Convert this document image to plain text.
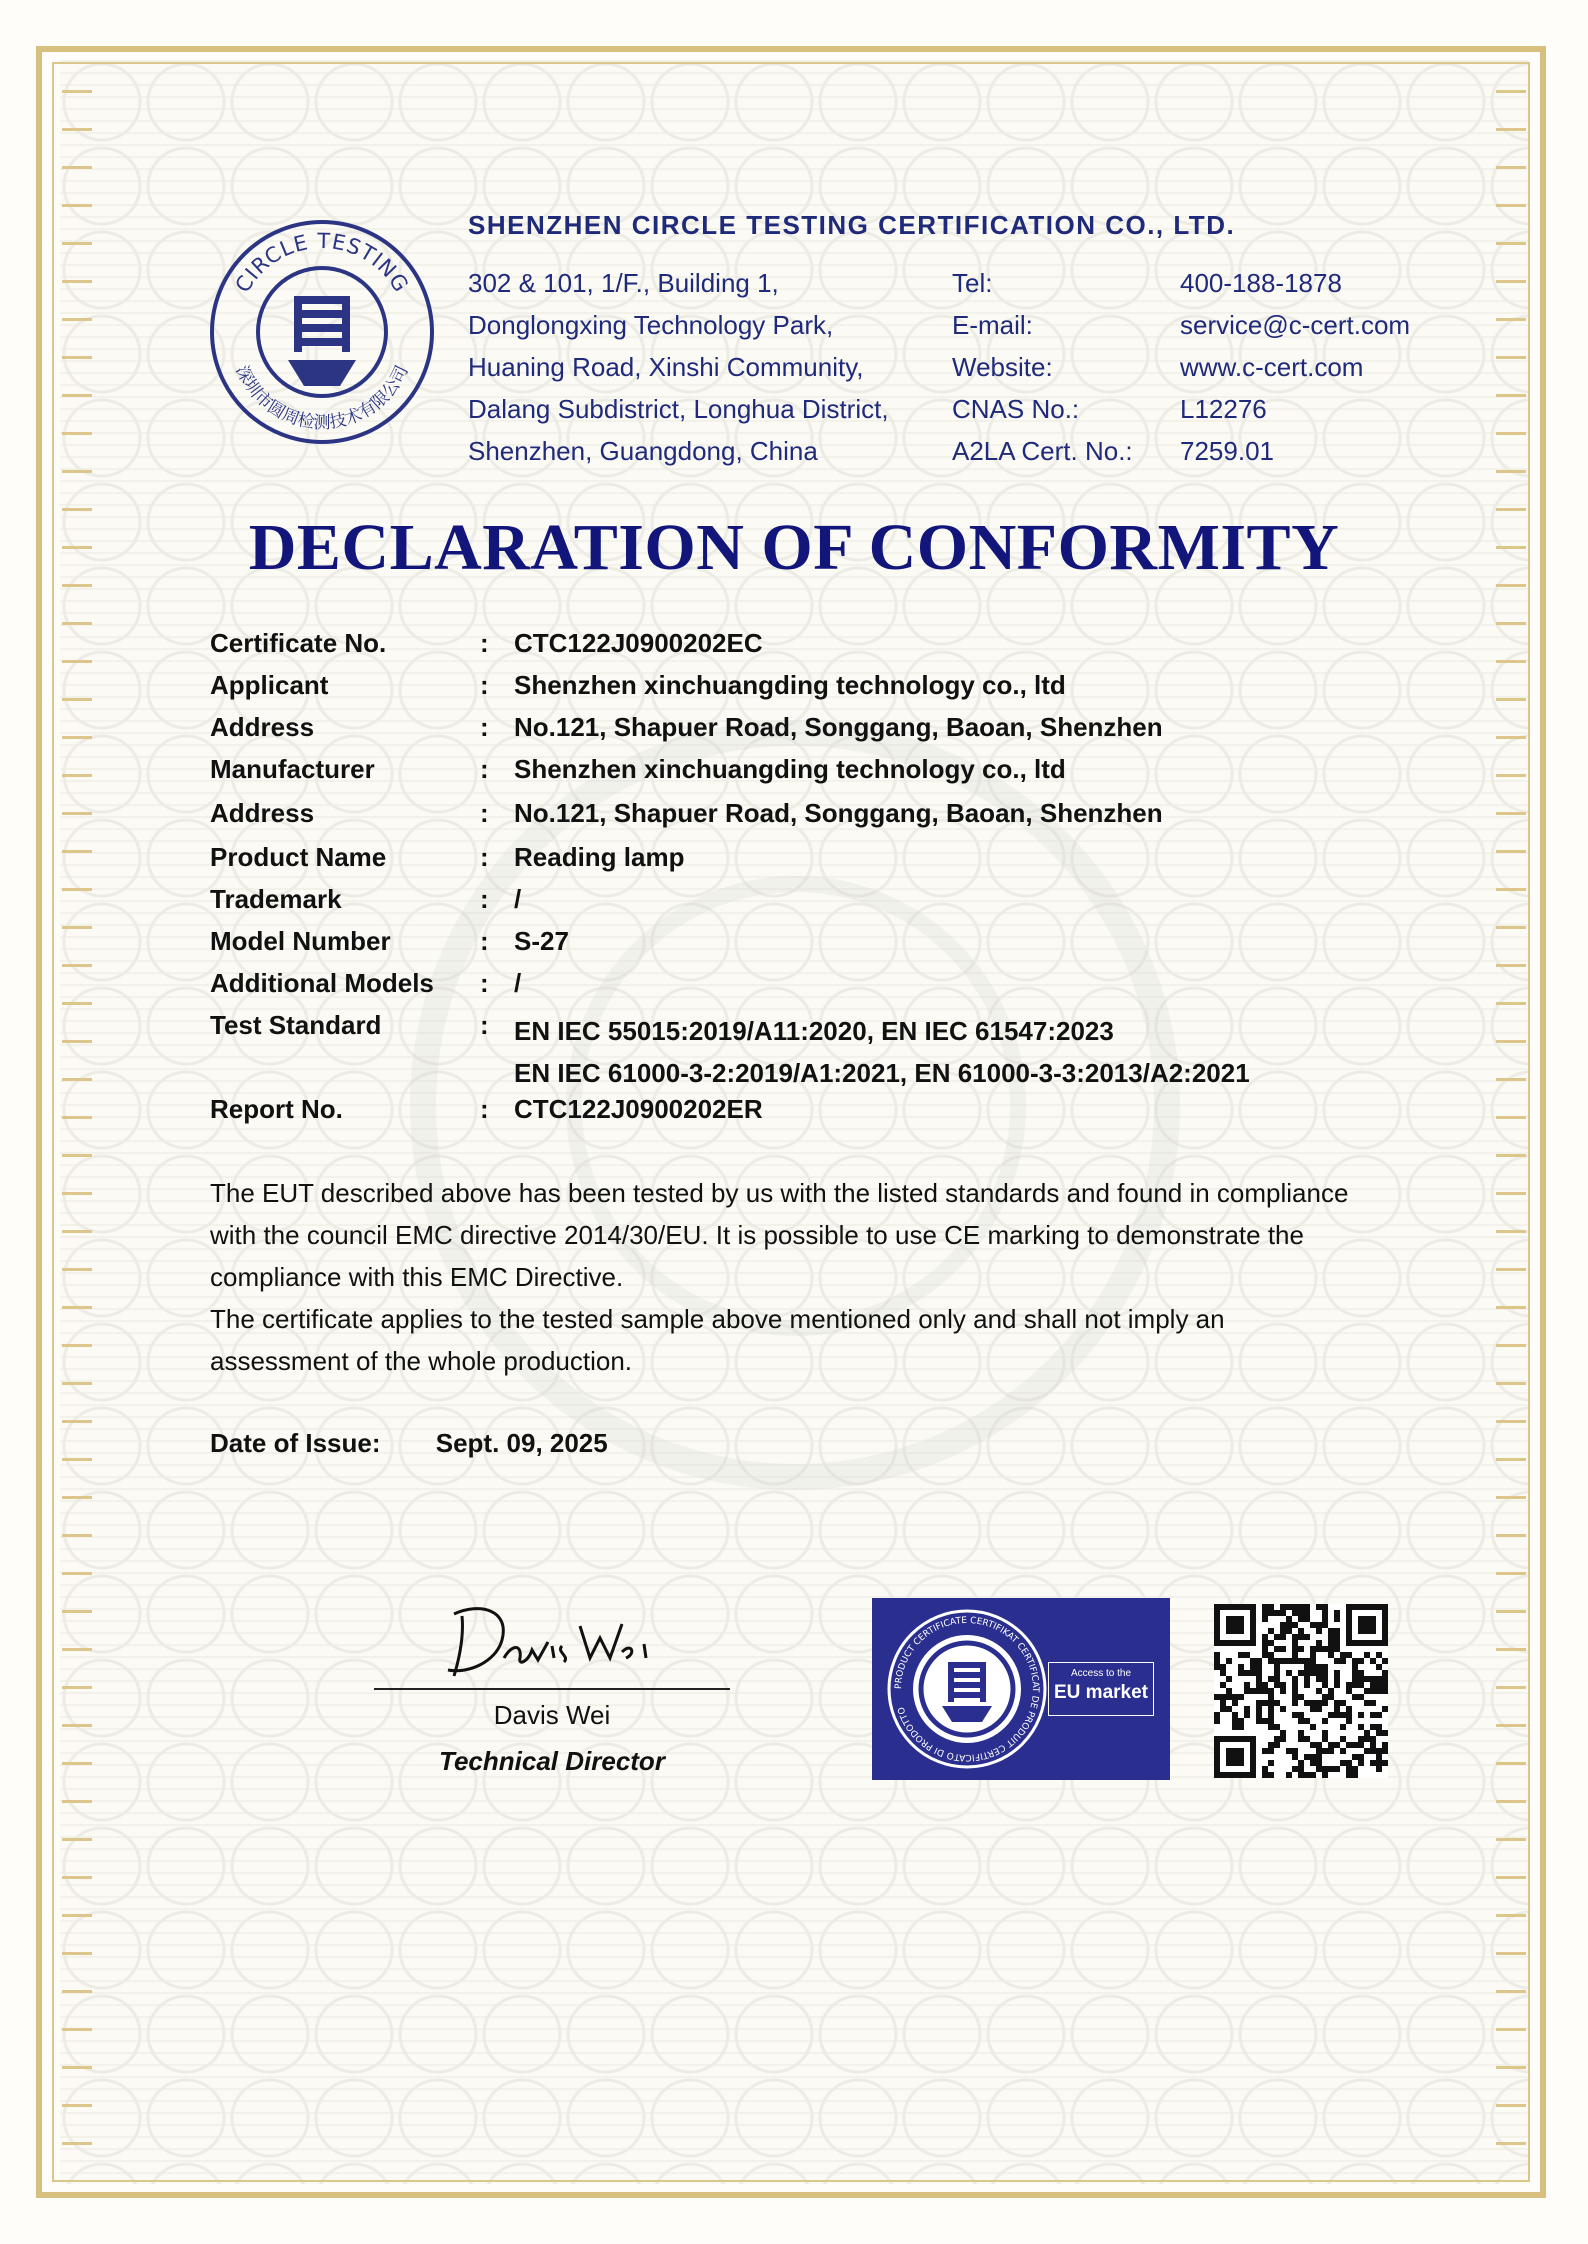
CIRCLE TESTING
深圳市圆周检测技术有限公司
SHENZHEN CIRCLE TESTING CERTIFICATION CO., LTD.
302 & 101, 1/F., Building 1,
Donglongxing Technology Park,
Huaning Road, Xinshi Community,
Dalang Subdistrict, Longhua District,
Shenzhen, Guangdong, China
Tel:	400-188-1878
E-mail:	service@c-cert.com
Website:	www.c-cert.com
CNAS No.:	L12276
A2LA Cert. No.:	7259.01
DECLARATION OF CONFORMITY
Certificate No.	: CTC122J0900202EC
Applicant	: Shenzhen xinchuangding technology co., ltd
Address	: No.121, Shapuer Road, Songgang, Baoan, Shenzhen
Manufacturer	: Shenzhen xinchuangding technology co., ltd
Address	: No.121, Shapuer Road, Songgang, Baoan, Shenzhen
Product Name	: Reading lamp
Trademark	: /
Model Number	: S-27
Additional Models : /
Test Standard	: EN IEC 55015:2019/A11:2020, EN IEC 61547:2023
EN IEC 61000-3-2:2019/A1:2021, EN 61000-3-3:2013/A2:2021
Report No.	: CTC122J0900202ER

The EUT described above has been tested by us with the listed standards and found in compliance

with the council EMC directive 2014/30/EU. It is possible to use CE marking to demonstrate the

compliance with this EMC Directive.

The certificate applies to the tested sample above mentioned only and shall not imply an

assessment of the whole production.

Date of Issue: Sept. 09, 2025
Davis Wei
Technical Director
PRODUCT CERTIFICATE CERTIFIKAT CERTIFICAT DE PRODUIT CERTIFICATO DI PRODOTTO
Access to the
EU market
